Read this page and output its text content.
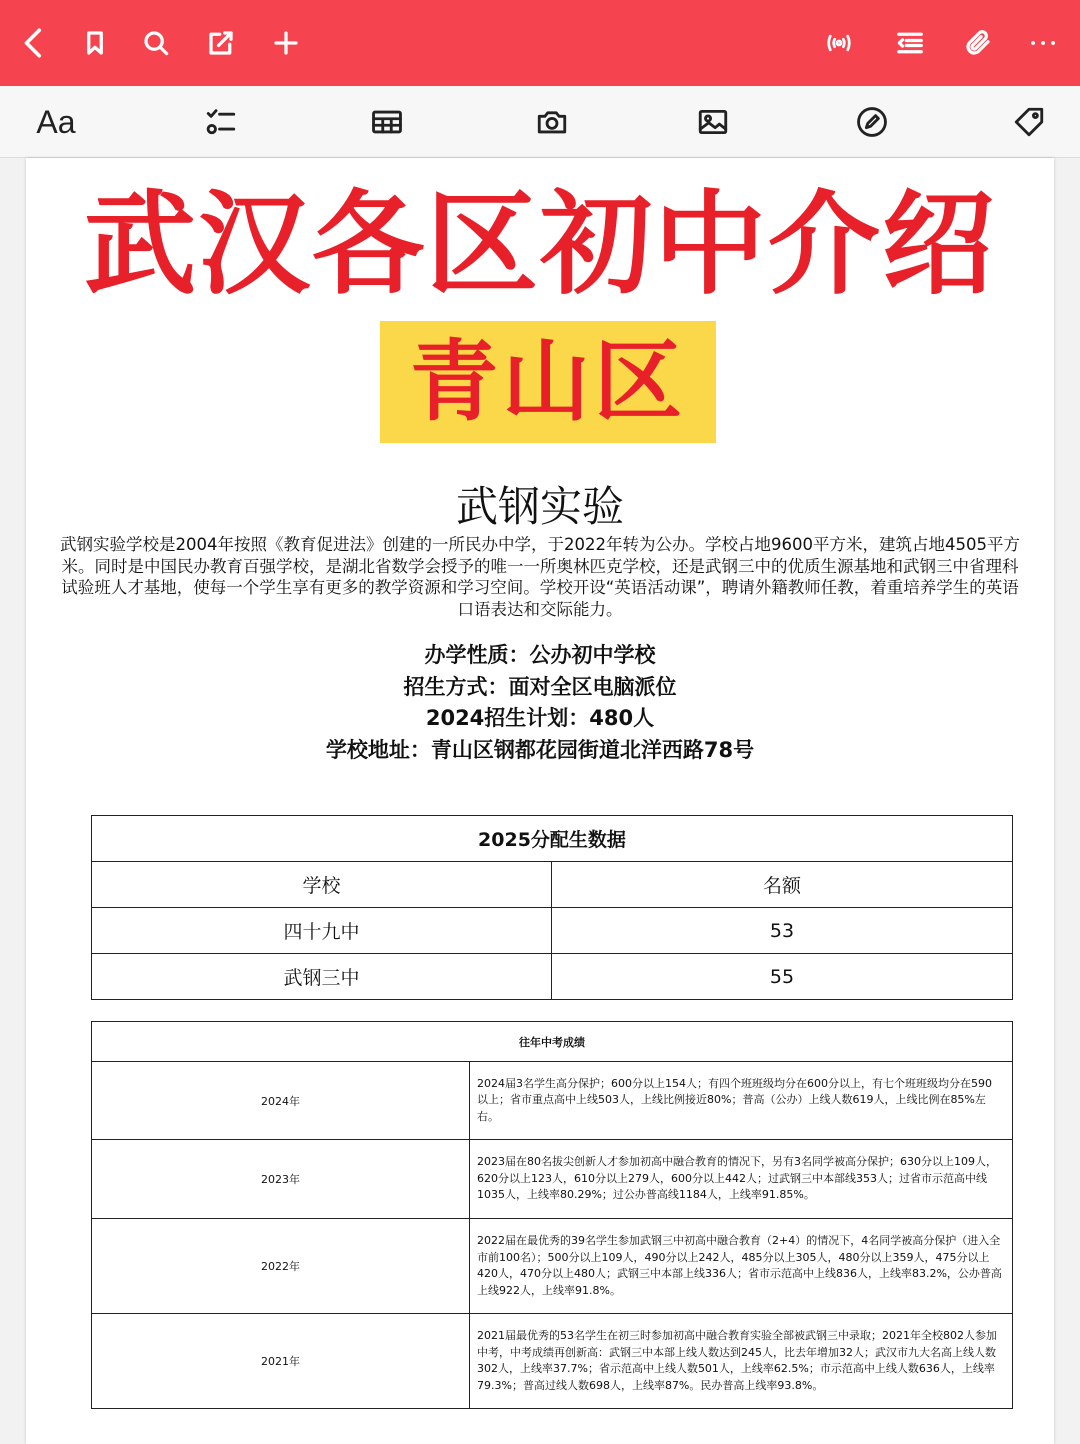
Aa
武汉各区初中介绍
青山区
武钢实验
武钢实验学校是2004年按照《教育促进法》创建的一所民办中学，于2022年转为公办。学校占地9600平方米，建筑占地4505平方米。同时是中国民办教育百强学校，是湖北省数学会授予的唯一一所奥林匹克学校，还是武钢三中的优质生源基地和武钢三中省理科试验班人才基地，使每一个学生享有更多的教学资源和学习空间。学校开设“英语活动课”，聘请外籍教师任教，着重培养学生的英语口语表达和交际能力。
办学性质：公办初中学校
招生方式：面对全区电脑派位
2024招生计划：480人
学校地址：青山区钢都花园街道北洋西路78号
2025分配生数据	
学校	名额
四十九中	53
武钢三中	55
往年中考成绩	
2024年	2024届3名学生高分保护；600分以上154人；有四个班班级均分在600分以上，有七个班班级均分在590以上；省市重点高中上线503人，上线比例接近80%；普高（公办）上线人数619人，上线比例在85%左右。
2023年	2023届在80名拔尖创新人才参加初高中融合教育的情况下，另有3名同学被高分保护；630分以上109人，620分以上123人，610分以上279人，600分以上442人；过武钢三中本部线353人；过省市示范高中线1035人，上线率80.29%；过公办普高线1184人，上线率91.85%。
2022年	2022届在最优秀的39名学生参加武钢三中初高中融合教育（2+4）的情况下，4名同学被高分保护（进入全市前100名）；500分以上109人，490分以上242人，485分以上305人，480分以上359人，475分以上420人，470分以上480人；武钢三中本部上线336人；省市示范高中上线836人，上线率83.2%，公办普高上线922人，上线率91.8%。
2021年	2021届最优秀的53名学生在初三时参加初高中融合教育实验全部被武钢三中录取；2021年全校802人参加中考，中考成绩再创新高：武钢三中本部上线人数达到245人，比去年增加32人；武汉市九大名高上线人数302人，上线率37.7%；省示范高中上线人数501人，上线率62.5%；市示范高中上线人数636人，上线率79.3%；普高过线人数698人，上线率87%。民办普高上线率93.8%。
